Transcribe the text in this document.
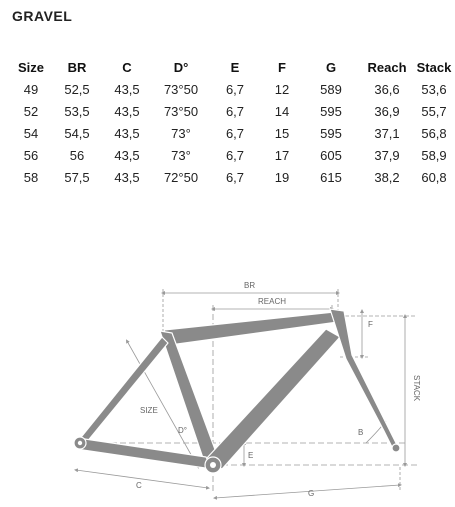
GRAVEL
Size	BR	C	D°	E	F	G	Reach	Stack
49	52,5	43,5	73°50	6,7	12	589	36,6	53,6
52	53,5	43,5	73°50	6,7	14	595	36,9	55,7
54	54,5	43,5	73°	6,7	15	595	37,1	56,8
56	56	43,5	73°	6,7	17	605	37,9	58,9
58	57,5	43,5	72°50	6,7	19	615	38,2	60,8
BR
REACH
F
STACK
SIZE
D°	B
E
C
G
